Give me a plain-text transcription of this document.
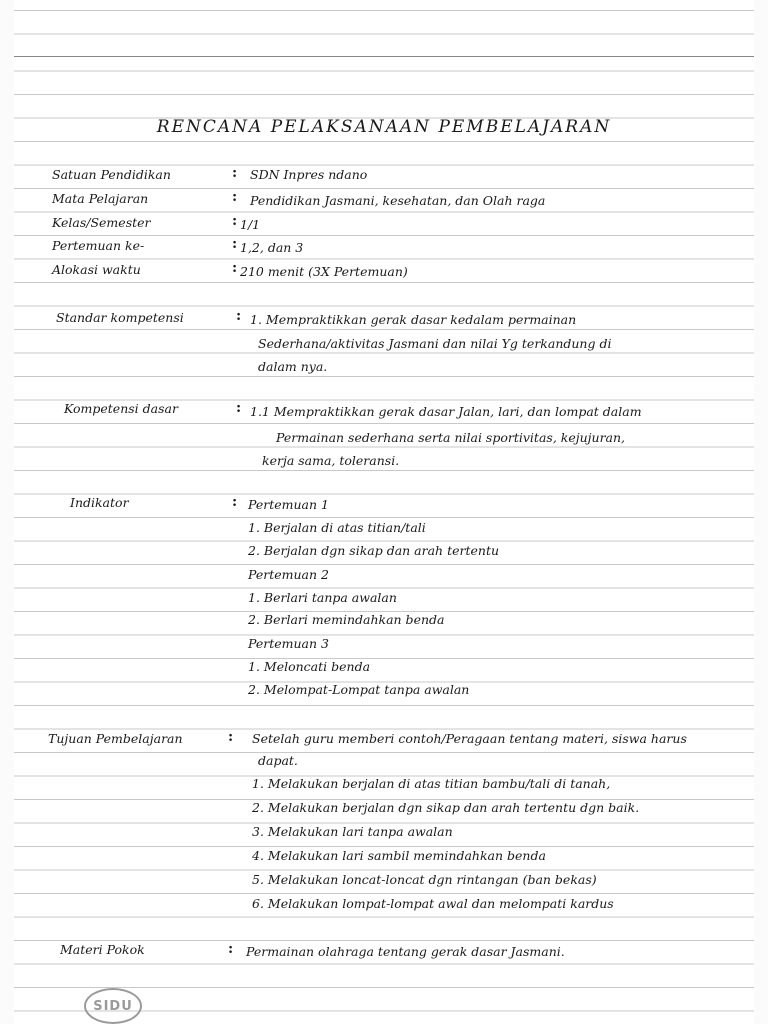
RENCANA PELAKSANAAN PEMBELAJARAN
Satuan Pendidikan	: SDN Inpres ndano
Mata Pelajaran	: Pendidikan Jasmani, kesehatan, dan Olah raga
Kelas/Semester	: 1/1
Pertemuan ke-	: 1,2, dan 3
Alokasi waktu	: 210 menit (3X Pertemuan)
Standar kompetensi	: 1. Mempraktikkan gerak dasar kedalam permainan
Sederhana/aktivitas Jasmani dan nilai Yg terkandung di
dalam nya.
Kompetensi dasar	: 1.1 Mempraktikkan gerak dasar Jalan, lari, dan lompat dalam
Permainan sederhana serta nilai sportivitas, kejujuran,
kerja sama, toleransi.
Indikator	: Pertemuan 1
1. Berjalan di atas titian/tali
2. Berjalan dgn sikap dan arah tertentu
Pertemuan 2
1. Berlari tanpa awalan
2. Berlari memindahkan benda
Pertemuan 3
1. Meloncati benda
2. Melompat-Lompat tanpa awalan
Tujuan Pembelajaran	: Setelah guru memberi contoh/Peragaan tentang materi, siswa harus
dapat.
1. Melakukan berjalan di atas titian bambu/tali di tanah,
2. Melakukan berjalan dgn sikap dan arah tertentu dgn baik.
3. Melakukan lari tanpa awalan
4. Melakukan lari sambil memindahkan benda
5. Melakukan loncat-loncat dgn rintangan (ban bekas)
6. Melakukan lompat-lompat awal dan melompati kardus
Materi Pokok	: Permainan olahraga tentang gerak dasar Jasmani.
SIDU
